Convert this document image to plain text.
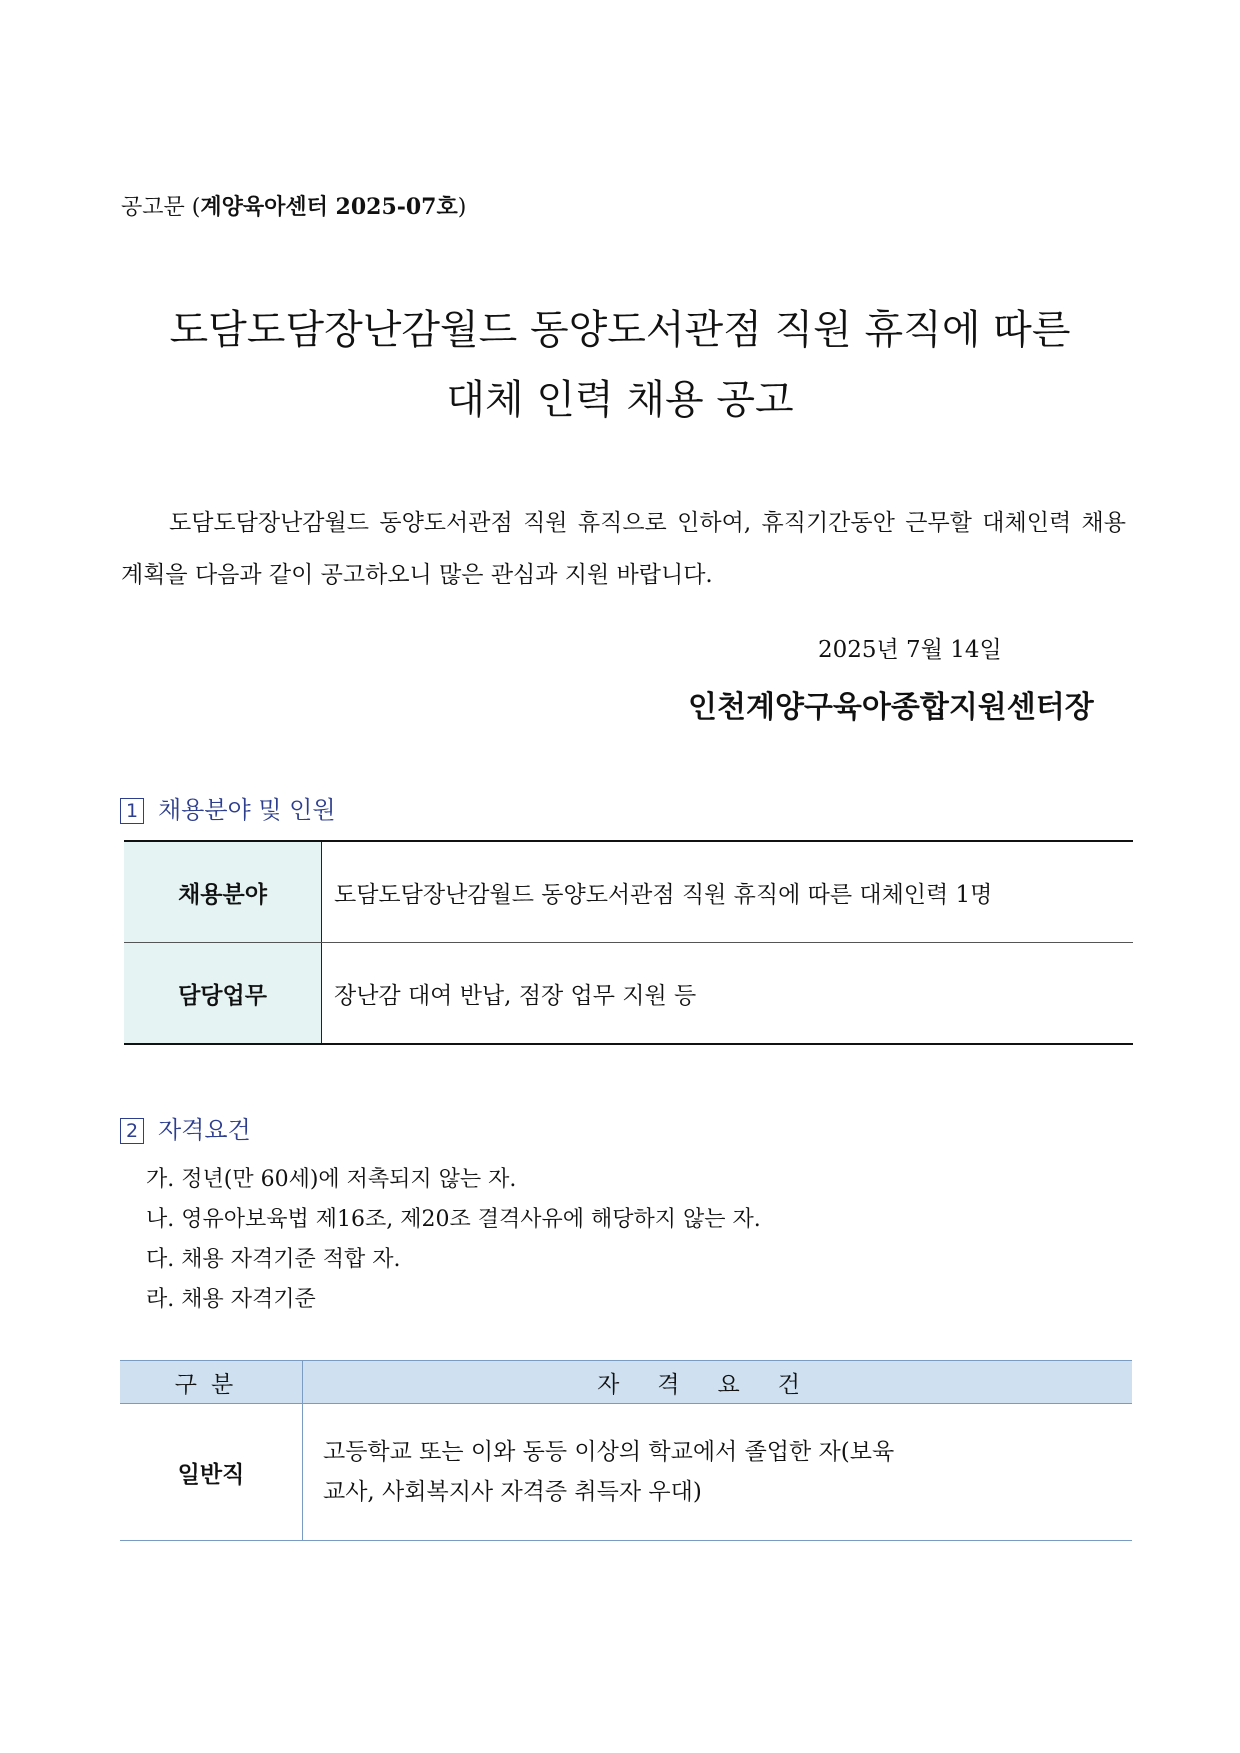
공고문 (계양육아센터 2025-07호)
도담도담장난감월드 동양도서관점 직원 휴직에 따른
대체 인력 채용 공고
도담도담장난감월드 동양도서관점 직원 휴직으로 인하여, 휴직기간동안 근무할 대체인력 채용 계획을 다음과 같이 공고하오니 많은 관심과 지원 바랍니다.
2025년 7월 14일
인천계양구육아종합지원센터장
1 채용분야 및 인원
채용분야	도담도담장난감월드 동양도서관점 직원 휴직에 따른 대체인력 1명
담당업무	장난감 대여 반납, 점장 업무 지원 등
2 자격요건
가. 정년(만 60세)에 저촉되지 않는 자.
나. 영유아보육법 제16조, 제20조 결격사유에 해당하지 않는 자.
다. 채용 자격기준 적합 자.
라. 채용 자격기준
구분	자격요건
일반직	고등학교 또는 이와 동등 이상의 학교에서 졸업한 자(보육
교사, 사회복지사 자격증 취득자 우대)
